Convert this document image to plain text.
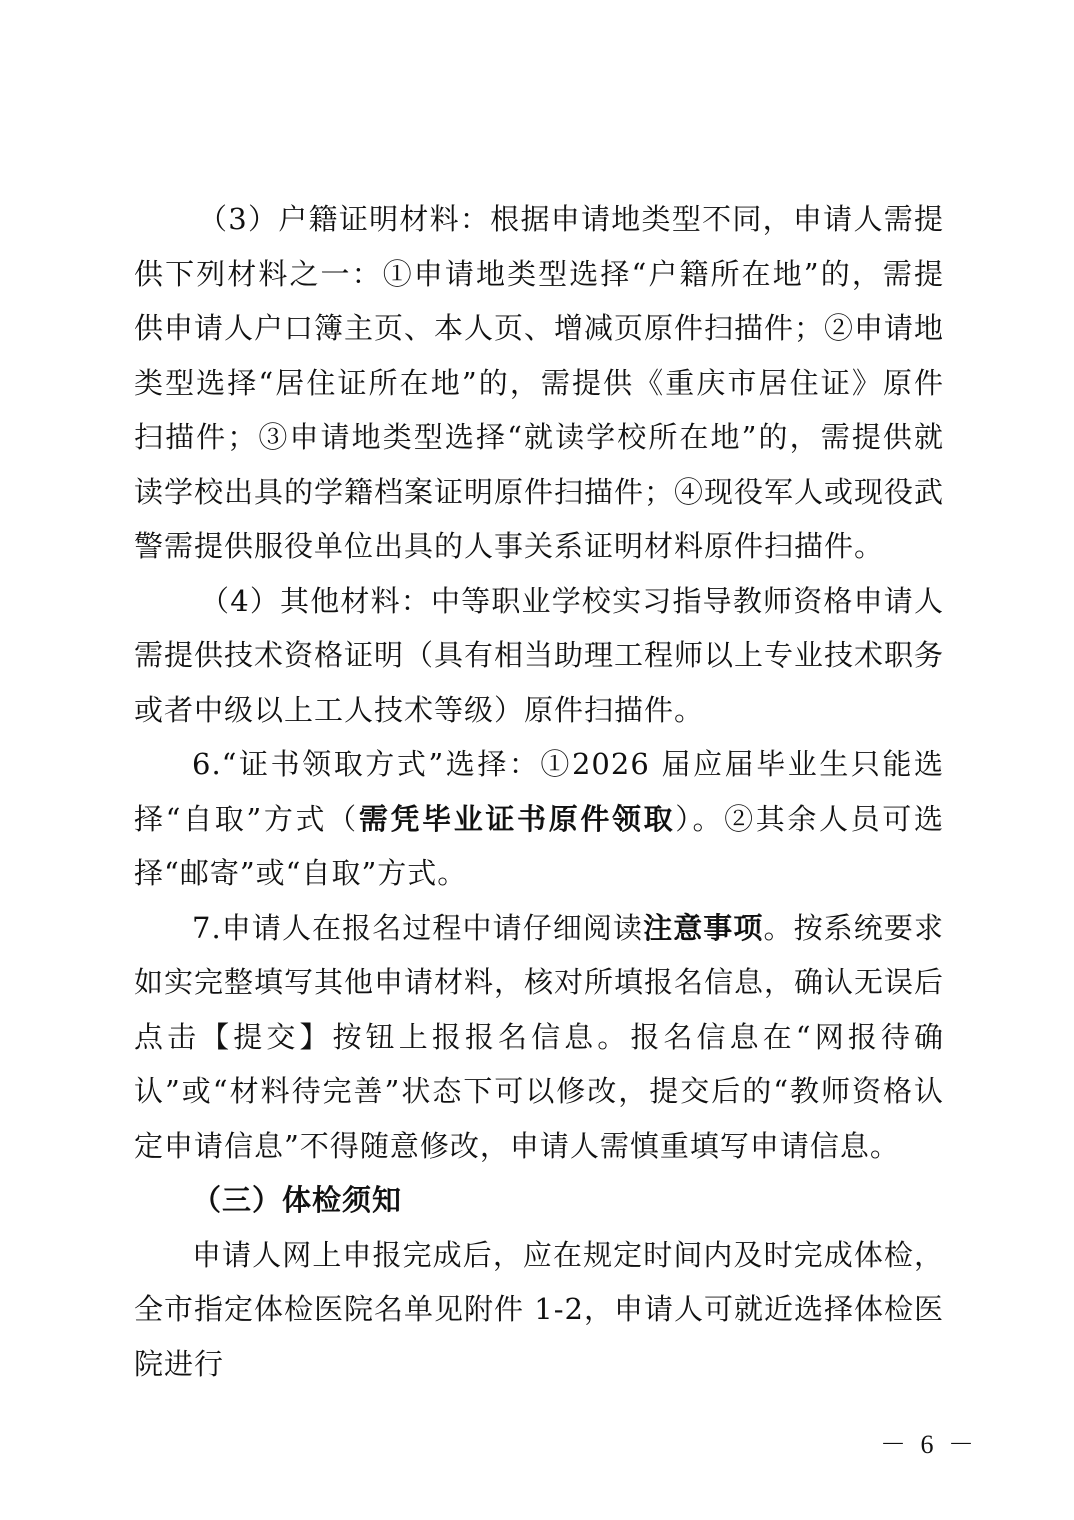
（3）户籍证明材料：根据申请地类型不同，申请人需提供下列材料之一：①申请地类型选择“户籍所在地”的，需提供申请人户口簿主页、本人页、增减页原件扫描件；②申请地类型选择“居住证所在地”的，需提供《重庆市居住证》原件扫描件；③申请地类型选择“就读学校所在地”的，需提供就读学校出具的学籍档案证明原件扫描件；④现役军人或现役武警需提供服役单位出具的人事关系证明材料原件扫描件。

（4）其他材料：中等职业学校实习指导教师资格申请人需提供技术资格证明（具有相当助理工程师以上专业技术职务或者中级以上工人技术等级）原件扫描件。

6.“证书领取方式”选择：①2026 届应届毕业生只能选择“自取”方式（需凭毕业证书原件领取）。②其余人员可选择“邮寄”或“自取”方式。

7.申请人在报名过程中请仔细阅读注意事项。按系统要求如实完整填写其他申请材料，核对所填报名信息，确认无误后点击【提交】按钮上报报名信息。报名信息在“网报待确认”或“材料待完善”状态下可以修改，提交后的“教师资格认定申请信息”不得随意修改，申请人需慎重填写申请信息。

（三）体检须知

申请人网上申报完成后，应在规定时间内及时完成体检，全市指定体检医院名单见附件 1-2，申请人可就近选择体检医院进行

－ 6 －
